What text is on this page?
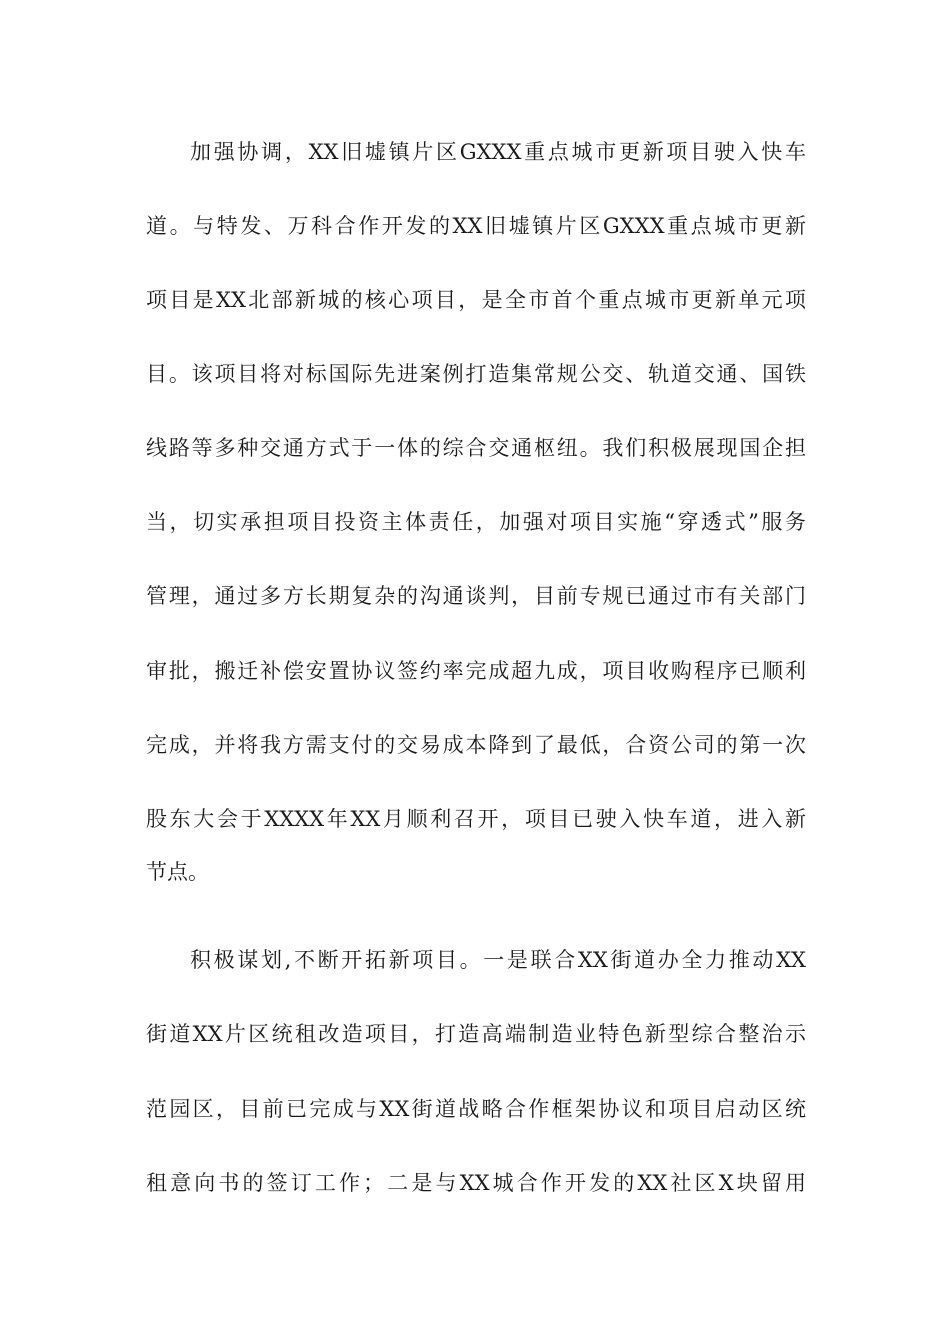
加强协调，XX旧墟镇片区GXXX重点城市更新项目驶入快车
道。与特发、万科合作开发的XX旧墟镇片区GXXX重点城市更新
项目是XX北部新城的核心项目，是全市首个重点城市更新单元项
目。该项目将对标国际先进案例打造集常规公交、轨道交通、国铁
线路等多种交通方式于一体的综合交通枢纽。我们积极展现国企担
当，切实承担项目投资主体责任，加强对项目实施“穿透式”服务
管理，通过多方长期复杂的沟通谈判，目前专规已通过市有关部门
审批，搬迁补偿安置协议签约率完成超九成，项目收购程序已顺利
完成，并将我方需支付的交易成本降到了最低，合资公司的第一次
股东大会于XXXX年XX月顺利召开，项目已驶入快车道，进入新
节点。
积极谋划,不断开拓新项目。一是联合XX街道办全力推动XX
街道XX片区统租改造项目，打造高端制造业特色新型综合整治示
范园区，目前已完成与XX街道战略合作框架协议和项目启动区统
租意向书的签订工作；二是与XX城合作开发的XX社区X块留用
